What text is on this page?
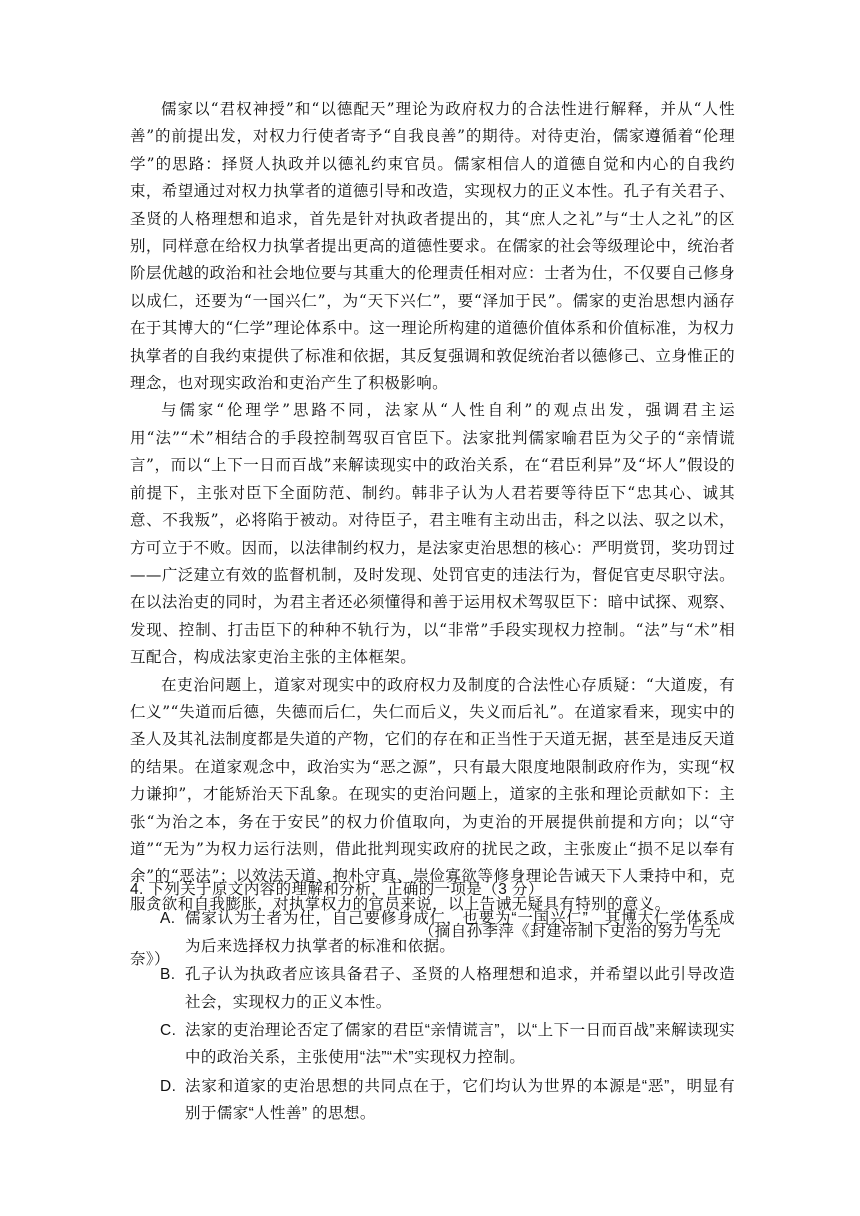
儒家以“君权神授”和“以德配天”理论为政府权力的合法性进行解释，并从“人性善”的前提出发，对权力行使者寄予“自我良善”的期待。对待吏治，儒家遵循着“伦理学”的思路：择贤人执政并以德礼约束官员。儒家相信人的道德自觉和内心的自我约束，希望通过对权力执掌者的道德引导和改造，实现权力的正义本性。孔子有关君子、圣贤的人格理想和追求，首先是针对执政者提出的，其“庶人之礼”与“士人之礼”的区别，同样意在给权力执掌者提出更高的道德性要求。在儒家的社会等级理论中，统治者阶层优越的政治和社会地位要与其重大的伦理责任相对应：士者为仕，不仅要自己修身以成仁，还要为“一国兴仁”，为“天下兴仁”，要“泽加于民”。儒家的吏治思想内涵存在于其博大的“仁学”理论体系中。这一理论所构建的道德价值体系和价值标准，为权力执掌者的自我约束提供了标准和依据，其反复强调和敦促统治者以德修己、立身惟正的理念，也对现实政治和吏治产生了积极影响。

与儒家“伦理学”思路不同，法家从“人性自利”的观点出发，强调君主运用“法”“术”相结合的手段控制驾驭百官臣下。法家批判儒家喻君臣为父子的“亲情谎言”，而以“上下一日而百战”来解读现实中的政治关系，在“君臣利异”及“坏人”假设的前提下，主张对臣下全面防范、制约。韩非子认为人君若要等待臣下“忠其心、诚其意、不我叛”，必将陷于被动。对待臣子，君主唯有主动出击，科之以法、驭之以术，方可立于不败。因而，以法律制约权力，是法家吏治思想的核心：严明赏罚，奖功罚过——广泛建立有效的监督机制，及时发现、处罚官吏的违法行为，督促官吏尽职守法。在以法治吏的同时，为君主者还必须懂得和善于运用权术驾驭臣下：暗中试探、观察、发现、控制、打击臣下的种种不轨行为，以“非常”手段实现权力控制。“法”与“术”相互配合，构成法家吏治主张的主体框架。

在吏治问题上，道家对现实中的政府权力及制度的合法性心存质疑：“大道废，有仁义”“失道而后德，失德而后仁，失仁而后义，失义而后礼”。在道家看来，现实中的圣人及其礼法制度都是失道的产物，它们的存在和正当性于天道无据，甚至是违反天道的结果。在道家观念中，政治实为“恶之源”，只有最大限度地限制政府作为，实现“权力谦抑”，才能矫治天下乱象。在现实的吏治问题上，道家的主张和理论贡献如下：主张“为治之本，务在于安民”的权力价值取向，为吏治的开展提供前提和方向；以“守道”“无为”为权力运行法则，借此批判现实政府的扰民之政，主张废止“损不足以奉有余”的“恶法”；以效法天道、抱朴守真、崇俭寡欲等修身理论告诫天下人秉持中和，克服贪欲和自我膨胀，对执掌权力的官员来说，以上告诫无疑具有特别的意义。

（摘自孙季萍《封建帝制下吏治的努力与无
奈》）
4. 下列关于原文内容的理解和分析，正确的一项是（3 分）
A. 儒家认为士者为仕，自己要修身成仁，也要为“一国兴仁”，其博大仁学体系成为后来选择权力执掌者的标准和依据。
B. 孔子认为执政者应该具备君子、圣贤的人格理想和追求，并希望以此引导改造社会，实现权力的正义本性。
C. 法家的吏治理论否定了儒家的君臣“亲情谎言”，以“上下一日而百战”来解读现实中的政治关系，主张使用“法”“术”实现权力控制。
D. 法家和道家的吏治思想的共同点在于，它们均认为世界的本源是“恶”，明显有别于儒家“人性善” 的思想。
